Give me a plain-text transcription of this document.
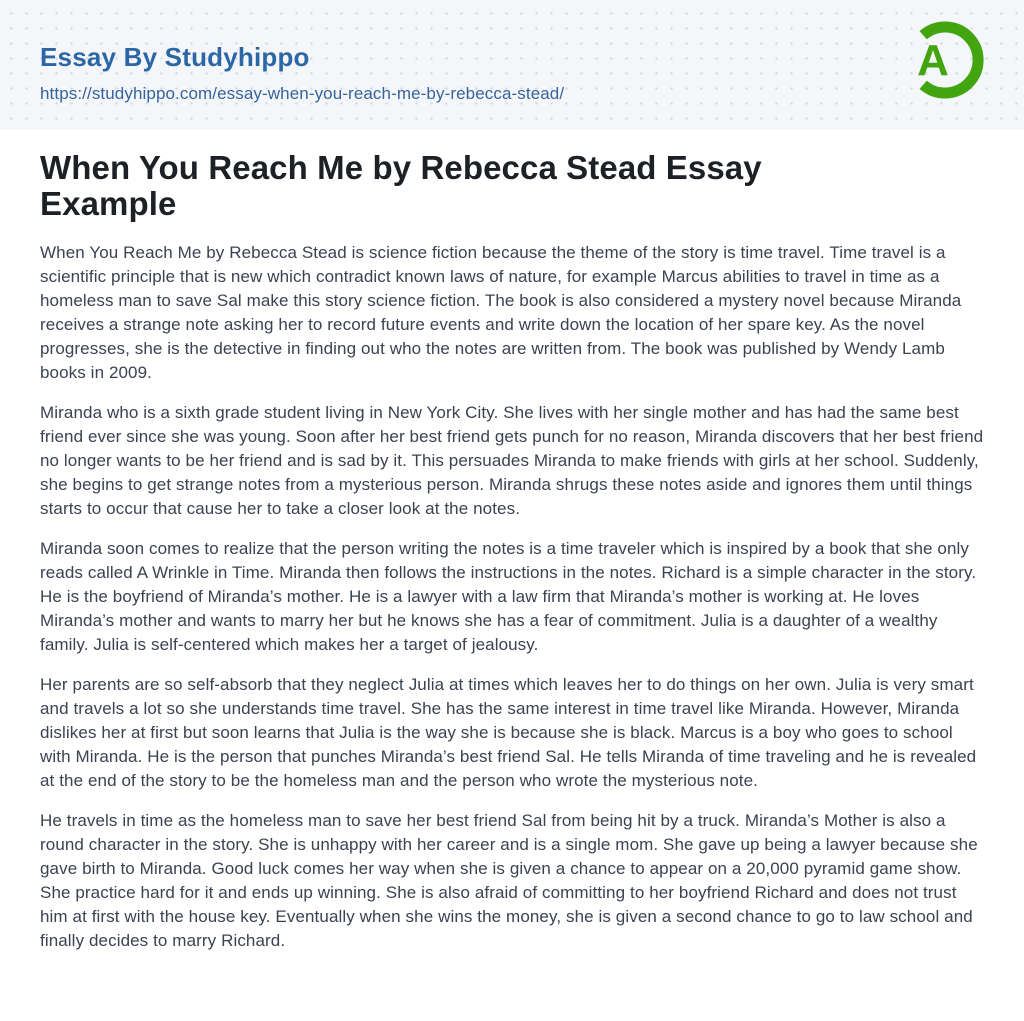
Essay By Studyhippo
https://studyhippo.com/essay-when-you-reach-me-by-rebecca-stead/
A
When You Reach Me by Rebecca Stead Essay Example

When You Reach Me by Rebecca Stead is science fiction because the theme of the story is time travel. Time travel is a scientific principle that is new which contradict known laws of nature, for example Marcus abilities to travel in time as a homeless man to save Sal make this story science fiction. The book is also considered a mystery novel because Miranda receives a strange note asking her to record future events and write down the location of her spare key. As the novel progresses, she is the detective in finding out who the notes are written from. The book was published by Wendy Lamb books in 2009.

Miranda who is a sixth grade student living in New York City. She lives with her single mother and has had the same best friend ever since she was young. Soon after her best friend gets punch for no reason, Miranda discovers that her best friend no longer wants to be her friend and is sad by it. This persuades Miranda to make friends with girls at her school. Suddenly, she begins to get strange notes from a mysterious person. Miranda shrugs these notes aside and ignores them until things starts to occur that cause her to take a closer look at the notes.

Miranda soon comes to realize that the person writing the notes is a time traveler which is inspired by a book that she only reads called A Wrinkle in Time. Miranda then follows the instructions in the notes. Richard is a simple character in the story. He is the boyfriend of Miranda’s mother. He is a lawyer with a law firm that Miranda’s mother is working at. He loves Miranda’s mother and wants to marry her but he knows she has a fear of commitment. Julia is a daughter of a wealthy family. Julia is self-centered which makes her a target of jealousy.

Her parents are so self-absorb that they neglect Julia at times which leaves her to do things on her own. Julia is very smart and travels a lot so she understands time travel. She has the same interest in time travel like Miranda. However, Miranda dislikes her at first but soon learns that Julia is the way she is because she is black. Marcus is a boy who goes to school with Miranda. He is the person that punches Miranda’s best friend Sal. He tells Miranda of time traveling and he is revealed at the end of the story to be the homeless man and the person who wrote the mysterious note.

He travels in time as the homeless man to save her best friend Sal from being hit by a truck. Miranda’s Mother is also a round character in the story. She is unhappy with her career and is a single mom. She gave up being a lawyer because she gave birth to Miranda. Good luck comes her way when she is given a chance to appear on a 20,000 pyramid game show. She practice hard for it and ends up winning. She is also afraid of committing to her boyfriend Richard and does not trust him at first with the house key. Eventually when she wins the money, she is given a second chance to go to law school and finally decides to marry Richard.
